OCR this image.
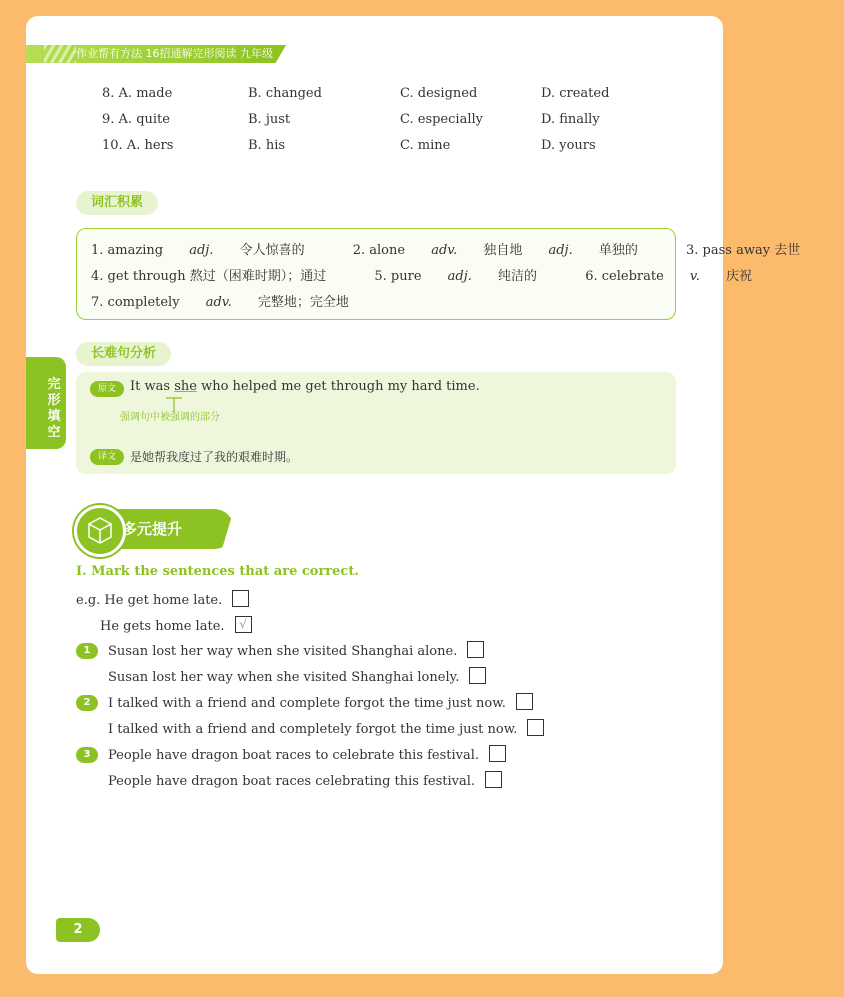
作业帮有方法 16招通解完形阅读 九年级
8. A. made	B. changed	C. designed	D. created
9. A. quite	B. just	C. especially	D. finally
10. A. hers	B. his	C. mine	D. yours
词汇积累
1. amazing adj. 令人惊喜的	2. alone adv. 独自地 adj. 单独的	3. pass away 去世
4. get through 熬过（困难时期）；通过	5. pure adj. 纯洁的	6. celebrate v. 庆祝
7. completely adv. 完整地；完全地
完形填空
长难句分析
原文	It was she who helped me get through my hard time.
强调句中被强调的部分
译文	是她帮我度过了我的艰难时期。
多元提升
I. Mark the sentences that are correct.
e.g. He get home late.
He gets home late. √
1	Susan lost her way when she visited Shanghai alone.
Susan lost her way when she visited Shanghai lonely.
2	I talked with a friend and complete forgot the time just now.
I talked with a friend and completely forgot the time just now.
3	People have dragon boat races to celebrate this festival.
People have dragon boat races celebrating this festival.
2
